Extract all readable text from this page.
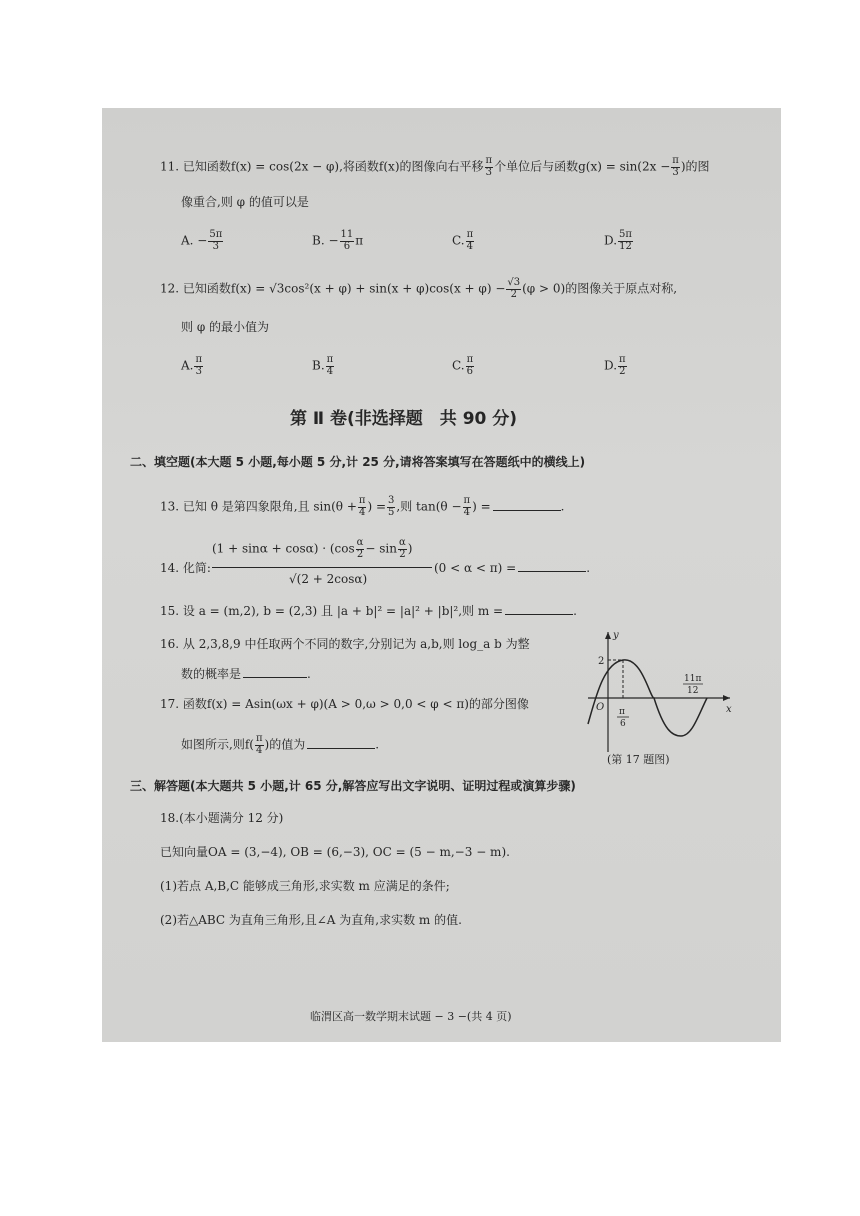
11. 已知函数f(x) = cos(2x − φ),将函数f(x)的图像向右平移 $\frac{\pi}{3}$ 个单位后与函数$g(x) = \sin(2x - \frac{\pi}{3}$ )的图
像重合,则 φ 的值可以是
A. − $\frac{5\pi}{3}$	B. − $\frac{11}{6}$ π	C. $\frac{\pi}{4}$	D. $\frac{5\pi}{12}$
12. 已知函数$f(x) = √3\cos^2(x + \varphi) + \sin(x + \varphi)\cos(x + \varphi) - \frac{√3}{2} (\varphi > 0)$的图像关于原点对称,
则 φ 的最小值为
A. $\frac{\pi}{3}$	B. $\frac{\pi}{4}$	C. $\frac{\pi}{6}$	D. $\frac{\pi}{2}$
第 Ⅱ 卷(非选择题　共 90 分)
二、填空题(本大题 5 小题,每小题 5 分,计 25 分,请将答案填写在答题纸中的横线上)
13. 已知 θ 是第四象限角,且 $\sin(\theta + \frac{\pi}{4}$ ) = $\frac{3}{5}$ ,则 $\tan(\theta - \frac{\pi}{4}$ ) =	.
14. 化简:
$(1 + \sin\alpha + \cos\alpha) \cdot (\cos \frac{\alpha}{2} - \sin \frac{\alpha}{2}$ )
√(2 + 2cosα)
(0 < α < π) =	.
15. 设 a = (m,2), b = (2,3) 且 |a + b|² = |a|² + |b|²,则 m =	.
16. 从 2,3,8,9 中任取两个不同的数字,分别记为 a,b,则 log_a b 为整
数的概率是	.
17. 函数f(x) = Asin(ωx + φ)(A > 0,ω > 0,0 < φ < π)的部分图像
如图所示,则$f( \frac{\pi}{4}$ )的值为	.
y
x
O
2
π
6
11π
12
(第 17 题图)
三、解答题(本大题共 5 小题,计 65 分,解答应写出文字说明、证明过程或演算步骤)
18.(本小题满分 12 分)
已知向量OA = (3,−4), OB = (6,−3), OC = (5 − m,−3 − m).
(1)若点 A,B,C 能够成三角形,求实数 m 应满足的条件;
(2)若△ABC 为直角三角形,且∠A 为直角,求实数 m 的值.
临渭区高一数学期末试题 − 3 −(共 4 页)
